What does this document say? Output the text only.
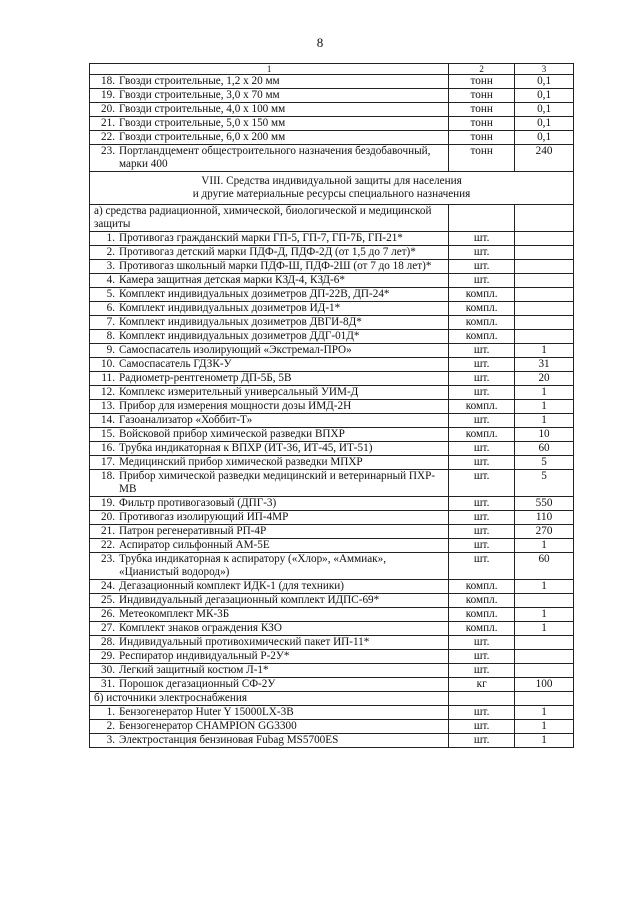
8
1	2	3

18. Гвозди строительные, 1,2 х 20 мм	тонн	0,1

19. Гвозди строительные, 3,0 х 70 мм	тонн	0,1

20. Гвозди строительные, 4,0 х 100 мм	тонн	0,1

21. Гвозди строительные, 5,0 х 150 мм	тонн	0,1

22. Гвозди строительные, 6,0 х 200 мм	тонн	0,1

23. Портландцемент общестроительного назначения бездобавочный, марки 400	тонн	240

VIII. Средства индивидуальной защиты для населения
и другие материальные ресурсы специального назначения		

а) средства радиационной, химической, биологической и медицинской защиты		

1. Противогаз гражданский марки ГП-5, ГП-7, ГП-7Б, ГП-21*	шт.	

2. Противогаз детский марки ПДФ-Д, ПДФ-2Д (от 1,5 до 7 лет)*	шт.	

3. Противогаз школьный марки ПДФ-Ш, ПДФ-2Ш (от 7 до 18 лет)*	шт.	

4. Камера защитная детская марки КЗД-4, КЗД-6*	шт.	

5. Комплект индивидуальных дозиметров ДП-22В, ДП-24*	компл.	

6. Комплект индивидуальных дозиметров ИД-1*	компл.	

7. Комплект индивидуальных дозиметров ДВГИ-8Д*	компл.	

8. Комплект индивидуальных дозиметров ДДГ-01Д*	компл.	

9. Самоспасатель изолирующий «Экстремал-ПРО»	шт.	1

10. Самоспасатель ГДЗК-У	шт.	31

11. Радиометр-рентгенометр ДП-5Б, 5В	шт.	20

12. Комплекс измерительный универсальный УИМ-Д	шт.	1

13. Прибор для измерения мощности дозы ИМД-2Н	компл.	1

14. Газоанализатор «Хоббит-Т»	шт.	1

15. Войсковой прибор химической разведки ВПХР	компл.	10

16. Трубка индикаторная к ВПХР (ИТ-36, ИТ-45, ИТ-51)	шт.	60

17. Медицинский прибор химической разведки МПХР	шт.	5

18. Прибор химической разведки медицинский и ветеринарный ПХР-МВ	шт.	5

19. Фильтр противогазовый (ДПГ-3)	шт.	550

20. Противогаз изолирующий ИП-4МР	шт.	110

21. Патрон регенеративный РП-4Р	шт.	270

22. Аспиратор сильфонный АМ-5Е	шт.	1

23. Трубка индикаторная к аспиратору («Хлор», «Аммиак», «Цианистый водород»)	шт.	60

24. Дегазационный комплект ИДК-1 (для техники)	компл.	1

25. Индивидуальный дегазационный комплект ИДПС-69*	компл.	

26. Метеокомплект МК-3Б	компл.	1

27. Комплект знаков ограждения КЗО	компл.	1

28. Индивидуальный противохимический пакет ИП-11*	шт.	

29. Респиратор индивидуальный Р-2У*	шт.	

30. Легкий защитный костюм Л-1*	шт.	

31. Порошок дегазационный СФ-2У	кг	100
б) источники электроснабжения		

1. Бензогенератор Huter Y 15000LX-3B	шт.	1

2. Бензогенератор CHAMPION GG3300	шт.	1

3. Электростанция бензиновая Fubag MS5700ES	шт.	1
